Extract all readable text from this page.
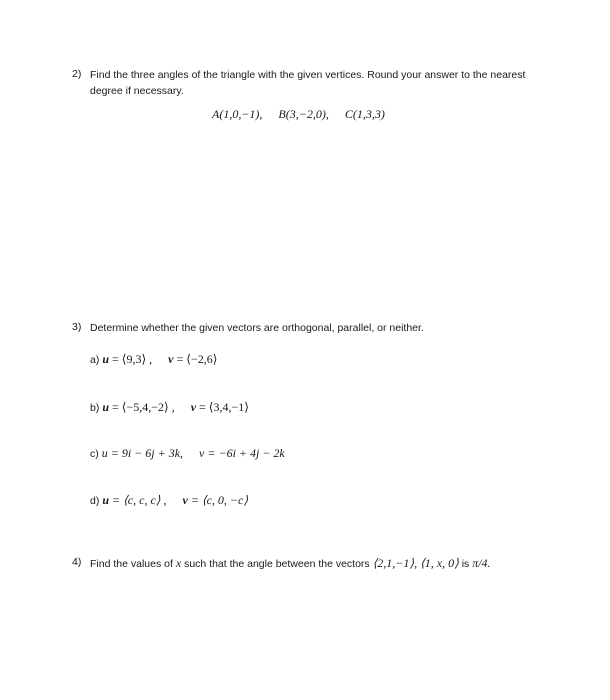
2) Find the three angles of the triangle with the given vertices. Round your answer to the nearest degree if necessary.
A(1,0,−1), B(3,−2,0), C(1,3,3)
3) Determine whether the given vectors are orthogonal, parallel, or neither.
a) u = ⟨9,3⟩ , v = ⟨−2,6⟩
b) u = ⟨−5,4,−2⟩ , v = ⟨3,4,−1⟩
c) u = 9i − 6j + 3k, v = −6i + 4j − 2k
d) u = ⟨c, c, c⟩ , v = ⟨c, 0, −c⟩
4) Find the values of x such that the angle between the vectors ⟨2,1,−1⟩, ⟨1, x, 0⟩ is π/4.
